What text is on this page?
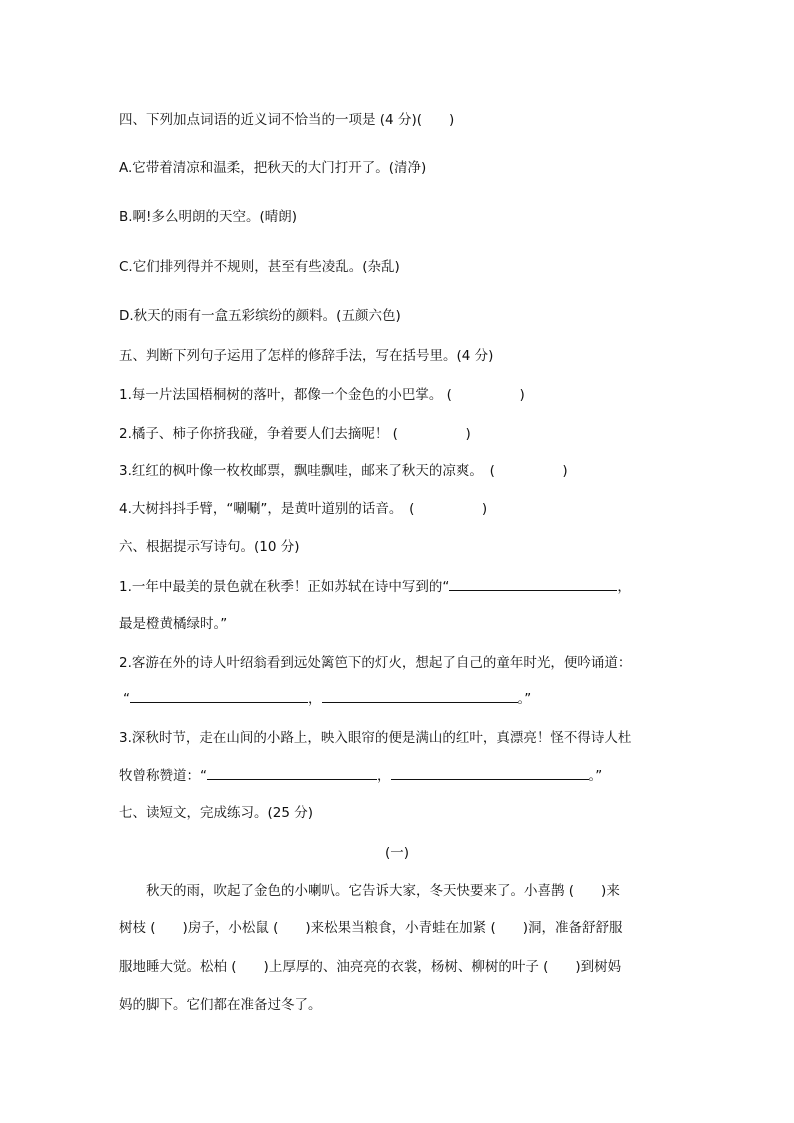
四、下列加点词语的近义词不恰当的一项是 (4 分)(　　)
A.它带着清凉和温柔，把秋天的大门打开了。(清净)
B.啊!多么明朗的天空。(晴朗)
C.它们排列得并不规则，甚至有些凌乱。(杂乱)
D.秋天的雨有一盒五彩缤纷的颜料。(五颜六色)
五、判断下列句子运用了怎样的修辞手法，写在括号里。(4 分)
1.每一片法国梧桐树的落叶，都像一个金色的小巴掌。 (　　　　　)
2.橘子、柿子你挤我碰，争着要人们去摘呢！ (　　　　　)
3.红红的枫叶像一枚枚邮票，飘哇飘哇，邮来了秋天的凉爽。　(　　　　　)
4.大树抖抖手臂，“唰唰”，是黄叶道别的话音。　(　　　　　)
六、根据提示写诗句。(10 分)
1.一年中最美的景色就在秋季！正如苏轼在诗中写到的“	，
最是橙黄橘绿时。”
2.客游在外的诗人叶绍翁看到远处篱笆下的灯火，想起了自己的童年时光，便吟诵道：
“	，	。”
3.深秋时节，走在山间的小路上，映入眼帘的便是满山的红叶，真漂亮！怪不得诗人杜
牧曾称赞道：“	，	。”
七、读短文，完成练习。(25 分)
(一)
　　秋天的雨，吹起了金色的小喇叭。它告诉大家，冬天快要来了。小喜鹊 (　　)来
树枝 (　　)房子，小松鼠 (　　)来松果当粮食，小青蛙在加紧 (　　)洞，准备舒舒服
服地睡大觉。松柏 (　　)上厚厚的、油亮亮的衣裳，杨树、柳树的叶子 (　　)到树妈
妈的脚下。它们都在准备过冬了。
